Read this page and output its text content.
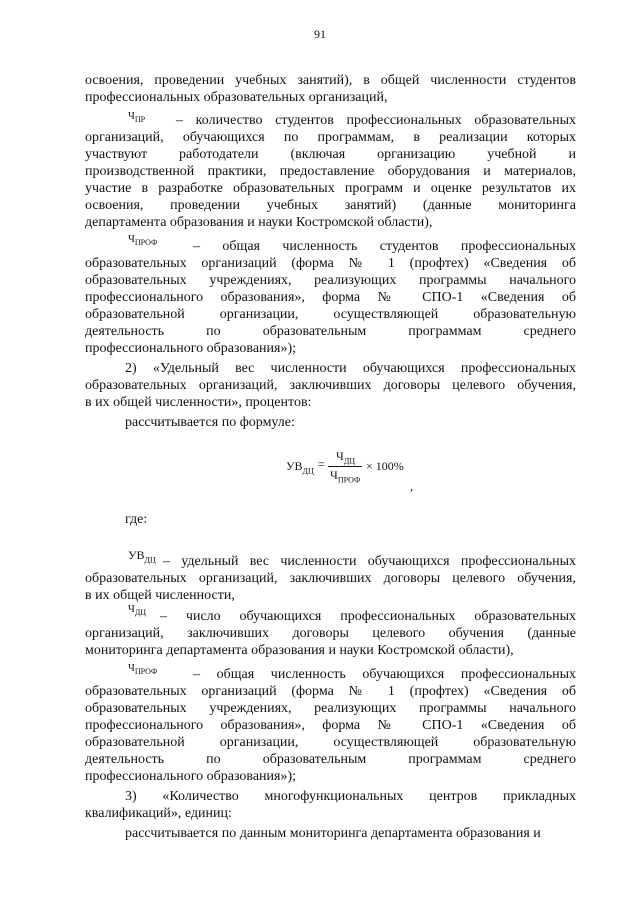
91
освоения, проведении учебных занятий), в общей численности студентов
профессиональных образовательных организаций,
$Ч_{ПР}$ – количество студентов профессиональных образовательных
организаций, обучающихся по программам, в реализации которых
участвуют работодатели (включая организацию учебной и
производственной практики, предоставление оборудования и материалов,
участие в разработке образовательных программ и оценке результатов их
освоения, проведении учебных занятий) (данные мониторинга
департамента образования и науки Костромской области),
$Ч_{ПРОФ}$	– общая численность студентов профессиональных
образовательных организаций (форма № 1 (профтех) «Сведения об
образовательных учреждениях, реализующих программы начального
профессионального образования», форма № СПО-1 «Сведения об
образовательной организации, осуществляющей образовательную
деятельность по образовательным программам среднего
профессионального образования»);
2) «Удельный вес численности обучающихся профессиональных
образовательных организаций, заключивших договоры целевого обучения,
в их общей численности», процентов:
рассчитывается по формуле:
$УВ_{ДЦ}$ =
$Ч_{ДЦ}$
$Ч_{ПРОФ}$
× 100%
,
где:
$УВ_{ДЦ}$ – удельный вес численности обучающихся профессиональных
образовательных организаций, заключивших договоры целевого обучения,
в их общей численности,
$Ч_{ДЦ}$ – число обучающихся профессиональных образовательных
организаций, заключивших договоры целевого обучения (данные
мониторинга департамента образования и науки Костромской области),
$Ч_{ПРОФ}$	– общая численность обучающихся профессиональных
образовательных организаций (форма № 1 (профтех) «Сведения об
образовательных учреждениях, реализующих программы начального
профессионального образования», форма № СПО-1 «Сведения об
образовательной организации, осуществляющей образовательную
деятельность по образовательным программам среднего
профессионального образования»);
3) «Количество многофункциональных центров прикладных
квалификаций», единиц:
рассчитывается по данным мониторинга департамента образования и
